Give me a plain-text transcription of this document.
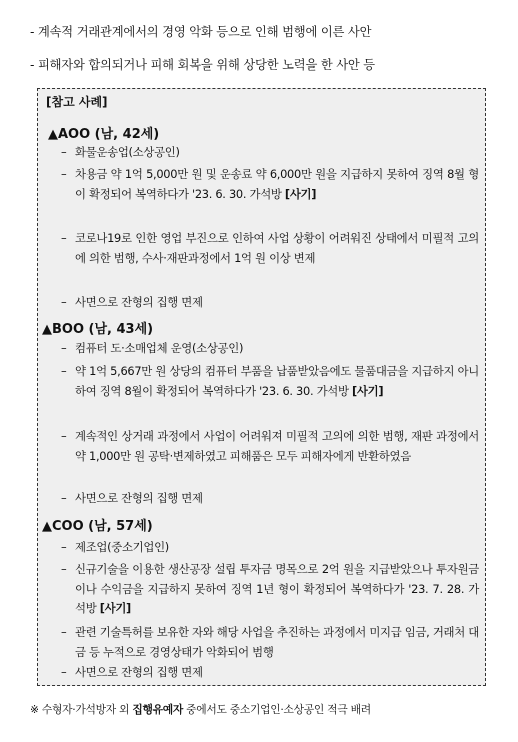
- 계속적 거래관계에서의 경영 악화 등으로 인해 범행에 이른 사안
- 피해자와 합의되거나 피해 회복을 위해 상당한 노력을 한 사안 등
[참고 사례]
▲AOO (남, 42세)
– 화물운송업(소상공인)
– 차용금 약 1억 5,000만 원 및 운송료 약 6,000만 원을 지급하지 못하여 징역 8월 형이 확정되어 복역하다가 '23. 6. 30. 가석방 [사기]
– 코로나19로 인한 영업 부진으로 인하여 사업 상황이 어려워진 상태에서 미필적 고의에 의한 범행, 수사·재판과정에서 1억 원 이상 변제
– 사면으로 잔형의 집행 면제
▲BOO (남, 43세)
– 컴퓨터 도·소매업체 운영(소상공인)
– 약 1억 5,667만 원 상당의 컴퓨터 부품을 납품받았음에도 물품대금을 지급하지 아니하여 징역 8월이 확정되어 복역하다가 '23. 6. 30. 가석방 [사기]
– 계속적인 상거래 과정에서 사업이 어려워져 미필적 고의에 의한 범행, 재판 과정에서 약 1,000만 원 공탁·변제하였고 피해품은 모두 피해자에게 반환하였음
– 사면으로 잔형의 집행 면제
▲COO (남, 57세)
– 제조업(중소기업인)
– 신규기술을 이용한 생산공장 설립 투자금 명목으로 2억 원을 지급받았으나 투자원금이나 수익금을 지급하지 못하여 징역 1년 형이 확정되어 복역하다가 '23. 7. 28. 가석방 [사기]
– 관련 기술특허를 보유한 자와 해당 사업을 추진하는 과정에서 미지급 임금, 거래처 대금 등 누적으로 경영상태가 악화되어 범행
– 사면으로 잔형의 집행 면제
※ 수형자·가석방자 외 집행유예자 중에서도 중소기업인·소상공인 적극 배려
